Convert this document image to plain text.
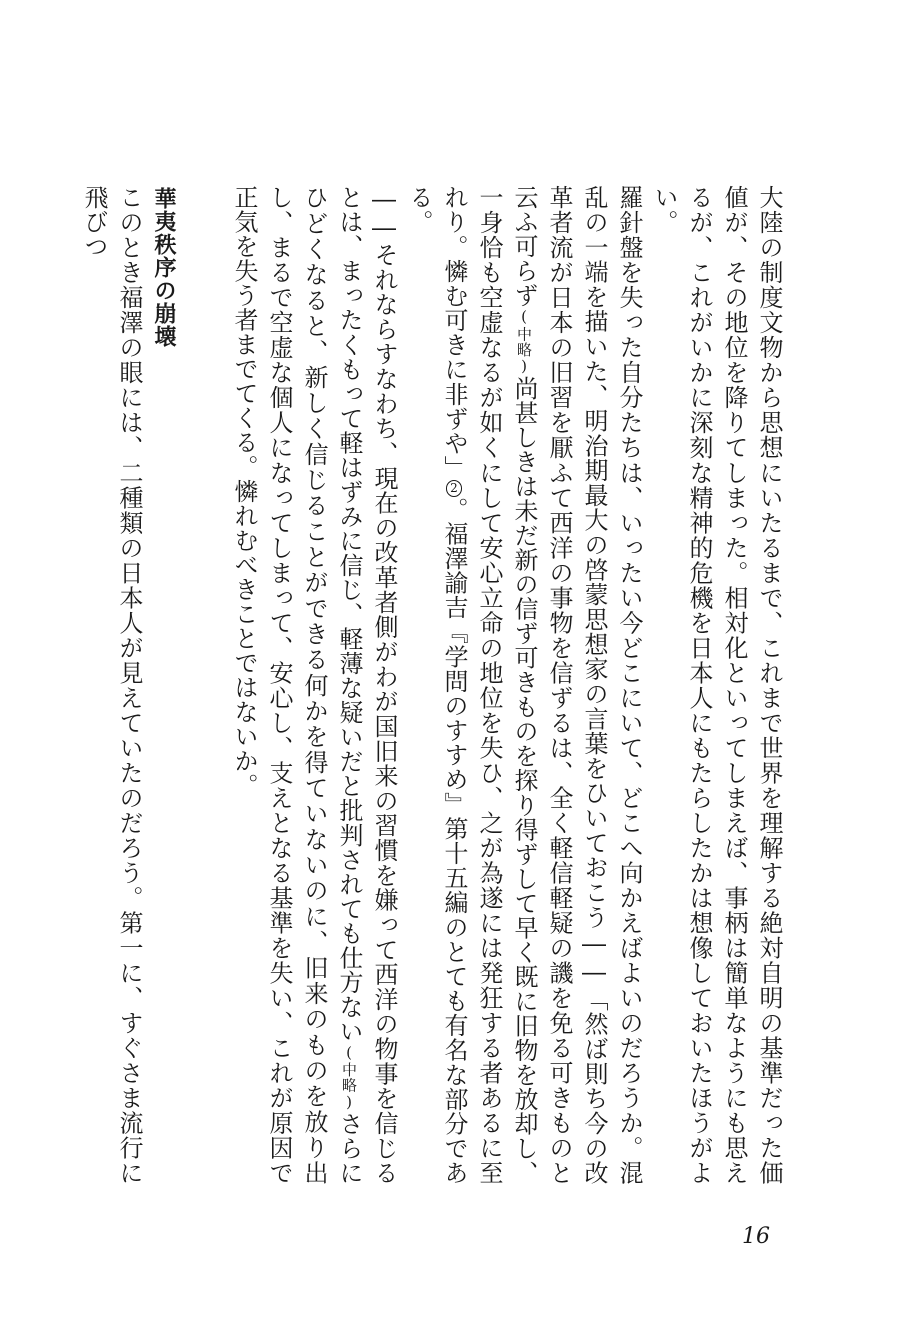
大陸の制度文物から思想にいたるまで、これまで世界を理解する絶対自明の基準だった価値が、その地位を降りてしまった。相対化といってしまえば、事柄は簡単なようにも思えるが、これがいかに深刻な精神的危機を日本人にもたらしたかは想像しておいたほうがよい。

羅針盤を失った自分たちは、いったい今どこにいて、どこへ向かえばよいのだろうか。混乱の一端を描いた、明治期最大の啓蒙思想家の言葉をひいておこう――「然ば則ち今の改革者流が日本の旧習を厭ふて西洋の事物を信ずるは、全く軽信軽疑の譏を免る可きものと云ふ可らず(中略)尚甚しきは未だ新の信ず可きものを探り得ずして早く既に旧物を放却し、一身恰も空虚なるが如くにして安心立命の地位を失ひ、之が為遂には発狂する者あるに至れり。憐む可きに非ずや」2。福澤諭吉『学問のすすめ』第十五編のとても有名な部分である。

――それならすなわち、現在の改革者側がわが国旧来の習慣を嫌って西洋の物事を信じるとは、まったくもって軽はずみに信じ、軽薄な疑いだと批判されても仕方ない(中略)さらにひどくなると、新しく信じることができる何かを得ていないのに、旧来のものを放り出し、まるで空虚な個人になってしまって、安心し、支えとなる基準を失い、これが原因で正気を失う者までてくる。憐れむべきことではないか。

華夷秩序の崩壊

このとき福澤の眼には、二種類の日本人が見えていたのだろう。第一に、すぐさま流行に飛びつ

16
